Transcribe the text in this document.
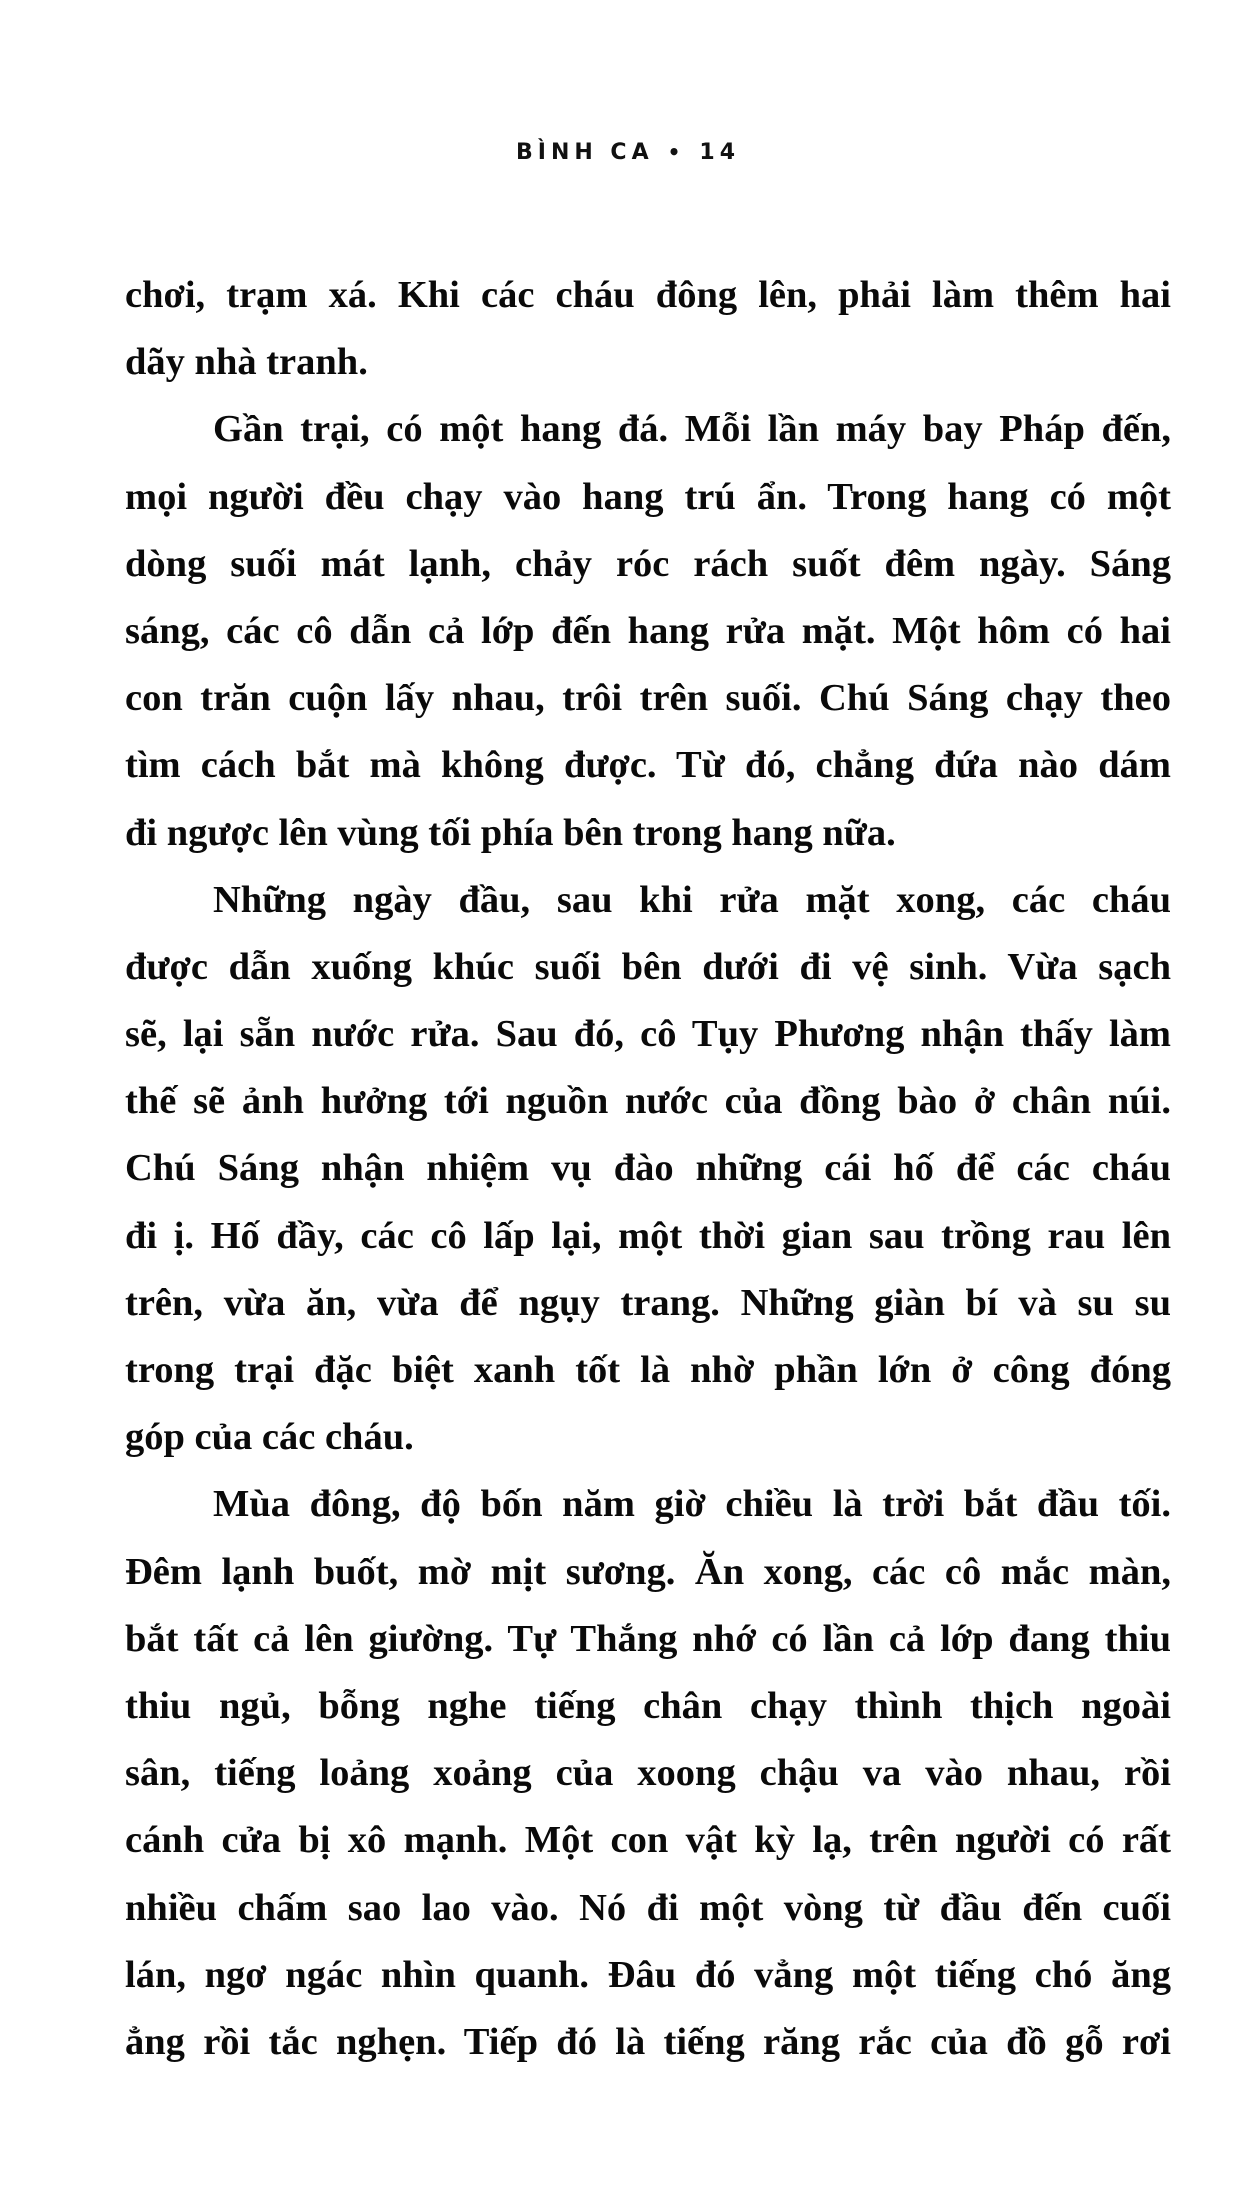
BÌNH CA • 14

chơi, trạm xá. Khi các cháu đông lên, phải làm thêm hai
dãy nhà tranh.

Gần trại, có một hang đá. Mỗi lần máy bay Pháp đến,
mọi người đều chạy vào hang trú ẩn. Trong hang có một
dòng suối mát lạnh, chảy róc rách suốt đêm ngày. Sáng
sáng, các cô dẫn cả lớp đến hang rửa mặt. Một hôm có hai
con trăn cuộn lấy nhau, trôi trên suối. Chú Sáng chạy theo
tìm cách bắt mà không được. Từ đó, chẳng đứa nào dám
đi ngược lên vùng tối phía bên trong hang nữa.

Những ngày đầu, sau khi rửa mặt xong, các cháu
được dẫn xuống khúc suối bên dưới đi vệ sinh. Vừa sạch
sẽ, lại sẵn nước rửa. Sau đó, cô Tụy Phương nhận thấy làm
thế sẽ ảnh hưởng tới nguồn nước của đồng bào ở chân núi.
Chú Sáng nhận nhiệm vụ đào những cái hố để các cháu
đi ị. Hố đầy, các cô lấp lại, một thời gian sau trồng rau lên
trên, vừa ăn, vừa để ngụy trang. Những giàn bí và su su
trong trại đặc biệt xanh tốt là nhờ phần lớn ở công đóng
góp của các cháu.

Mùa đông, độ bốn năm giờ chiều là trời bắt đầu tối.
Đêm lạnh buốt, mờ mịt sương. Ăn xong, các cô mắc màn,
bắt tất cả lên giường. Tự Thắng nhớ có lần cả lớp đang thiu
thiu ngủ, bỗng nghe tiếng chân chạy thình thịch ngoài
sân, tiếng loảng xoảng của xoong chậu va vào nhau, rồi
cánh cửa bị xô mạnh. Một con vật kỳ lạ, trên người có rất
nhiều chấm sao lao vào. Nó đi một vòng từ đầu đến cuối
lán, ngơ ngác nhìn quanh. Đâu đó vẳng một tiếng chó ăng
ẳng rồi tắc nghẹn. Tiếp đó là tiếng răng rắc của đồ gỗ rơi
